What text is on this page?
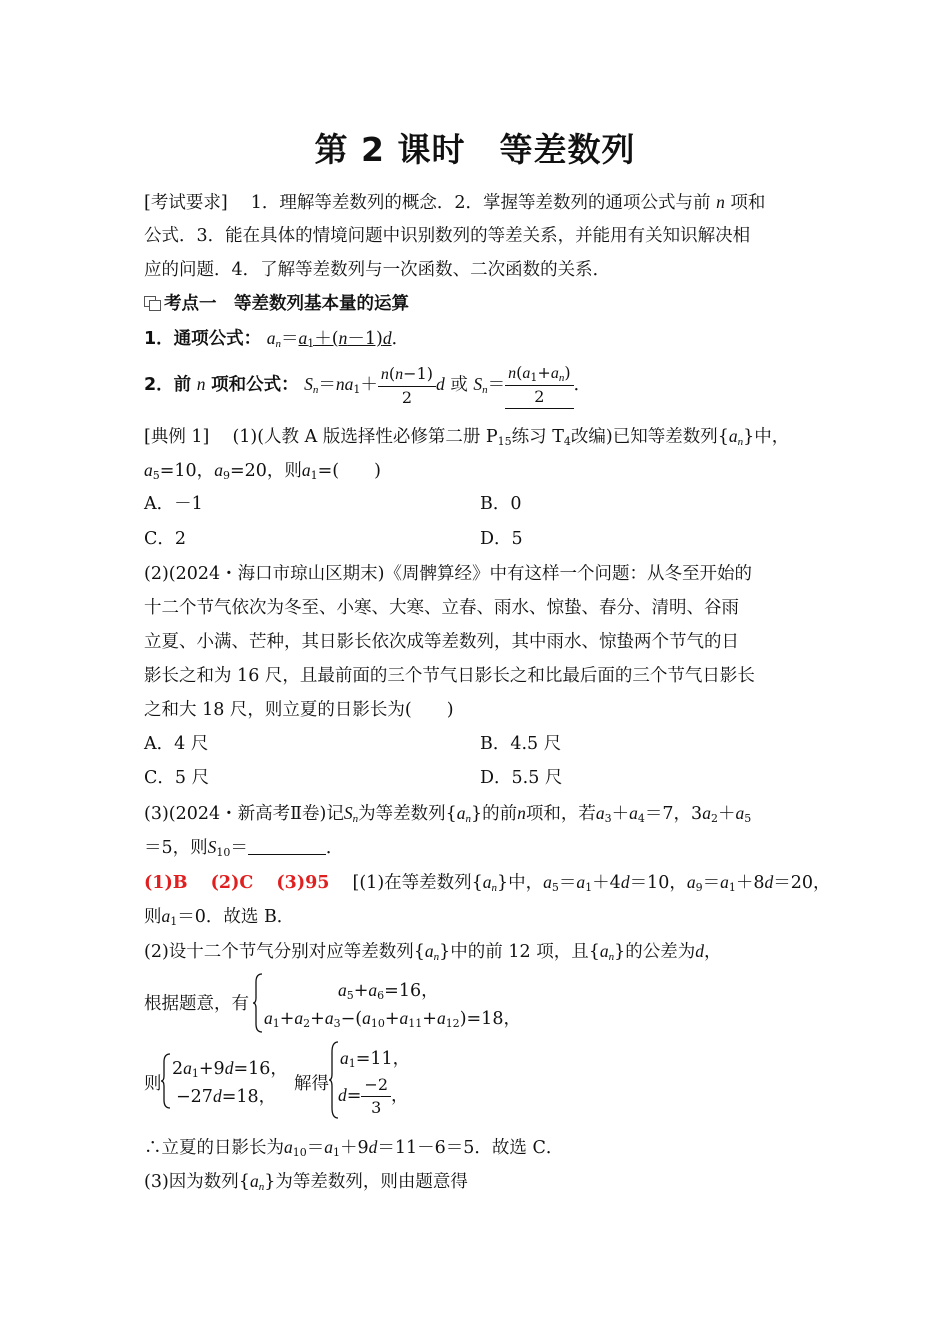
第 2 课时　等差数列
[考试要求] 　 1．理解等差数列的概念．2．掌握等差数列的通项公式与前 n 项和
公式．3．能在具体的情境问题中识别数列的等差关系，并能用有关知识解决相
应的问题．4．了解等差数列与一次函数、二次函数的关系．
考点一　等差数列基本量的运算
1．通项公式： $a_n=a_1+(n-1)d$．
2．前 n 项和公式： $S_n=na_1+ \frac{n(n-1)}{2}$ d 或 $S_n= \frac{n(a_1+a_n)}{2}$ ．
[典例 1]　 (1)(人教 A 版选择性必修第二册 $P_{15}$练习 $T_4$改编)已知等差数列$\{a_n\}$中，
$a_5=10$，$a_9=20$，则$a_1=$(　　)
A．－1	B．0
C．2	D．5
(2)(2024・海口市琼山区期末)《周髀算经》中有这样一个问题：从冬至开始的
十二个节气依次为冬至、小寒、大寒、立春、雨水、惊蛰、春分、清明、谷雨
立夏、小满、芒种，其日影长依次成等差数列，其中雨水、惊蛰两个节气的日
影长之和为 16 尺，且最前面的三个节气日影长之和比最后面的三个节气日影长
之和大 18 尺，则立夏的日影长为(　　)
A．4 尺	B．4.5 尺
C．5 尺	D．5.5 尺
(3)(2024・新高考Ⅱ卷)记$S_n$为等差数列$\{a_n\}$的前n项和，若$a_3+a_4=7$，$3a_2+a_5$
＝5，则$S_{10}=$	．
(1)B　 (2)C　 (3)95　 [(1)在等差数列$\{a_n\}$中，$a_5=a_1+4d=10$，$a_9=a_1+8d=20$，
则$a_1=0$．故选 B．
(2)设十二个节气分别对应等差数列$\{a_n\}$中的前 12 项，且$\{a_n\}$的公差为d，
根据题意，有
$a_5+a_6=16$，
$a_1+a_2+a_3-(a_{10}+a_{11}+a_{12})=18$，
则
$2a_1+9d=16$，
−27d=18，
解得
$a_1=11$，
$d= \frac{-2}{3}$ ，
∴立夏的日影长为$a_{10}=a_1+9d=11-6=5$．故选 C．
(3)因为数列$\{a_n\}$为等差数列，则由题意得
